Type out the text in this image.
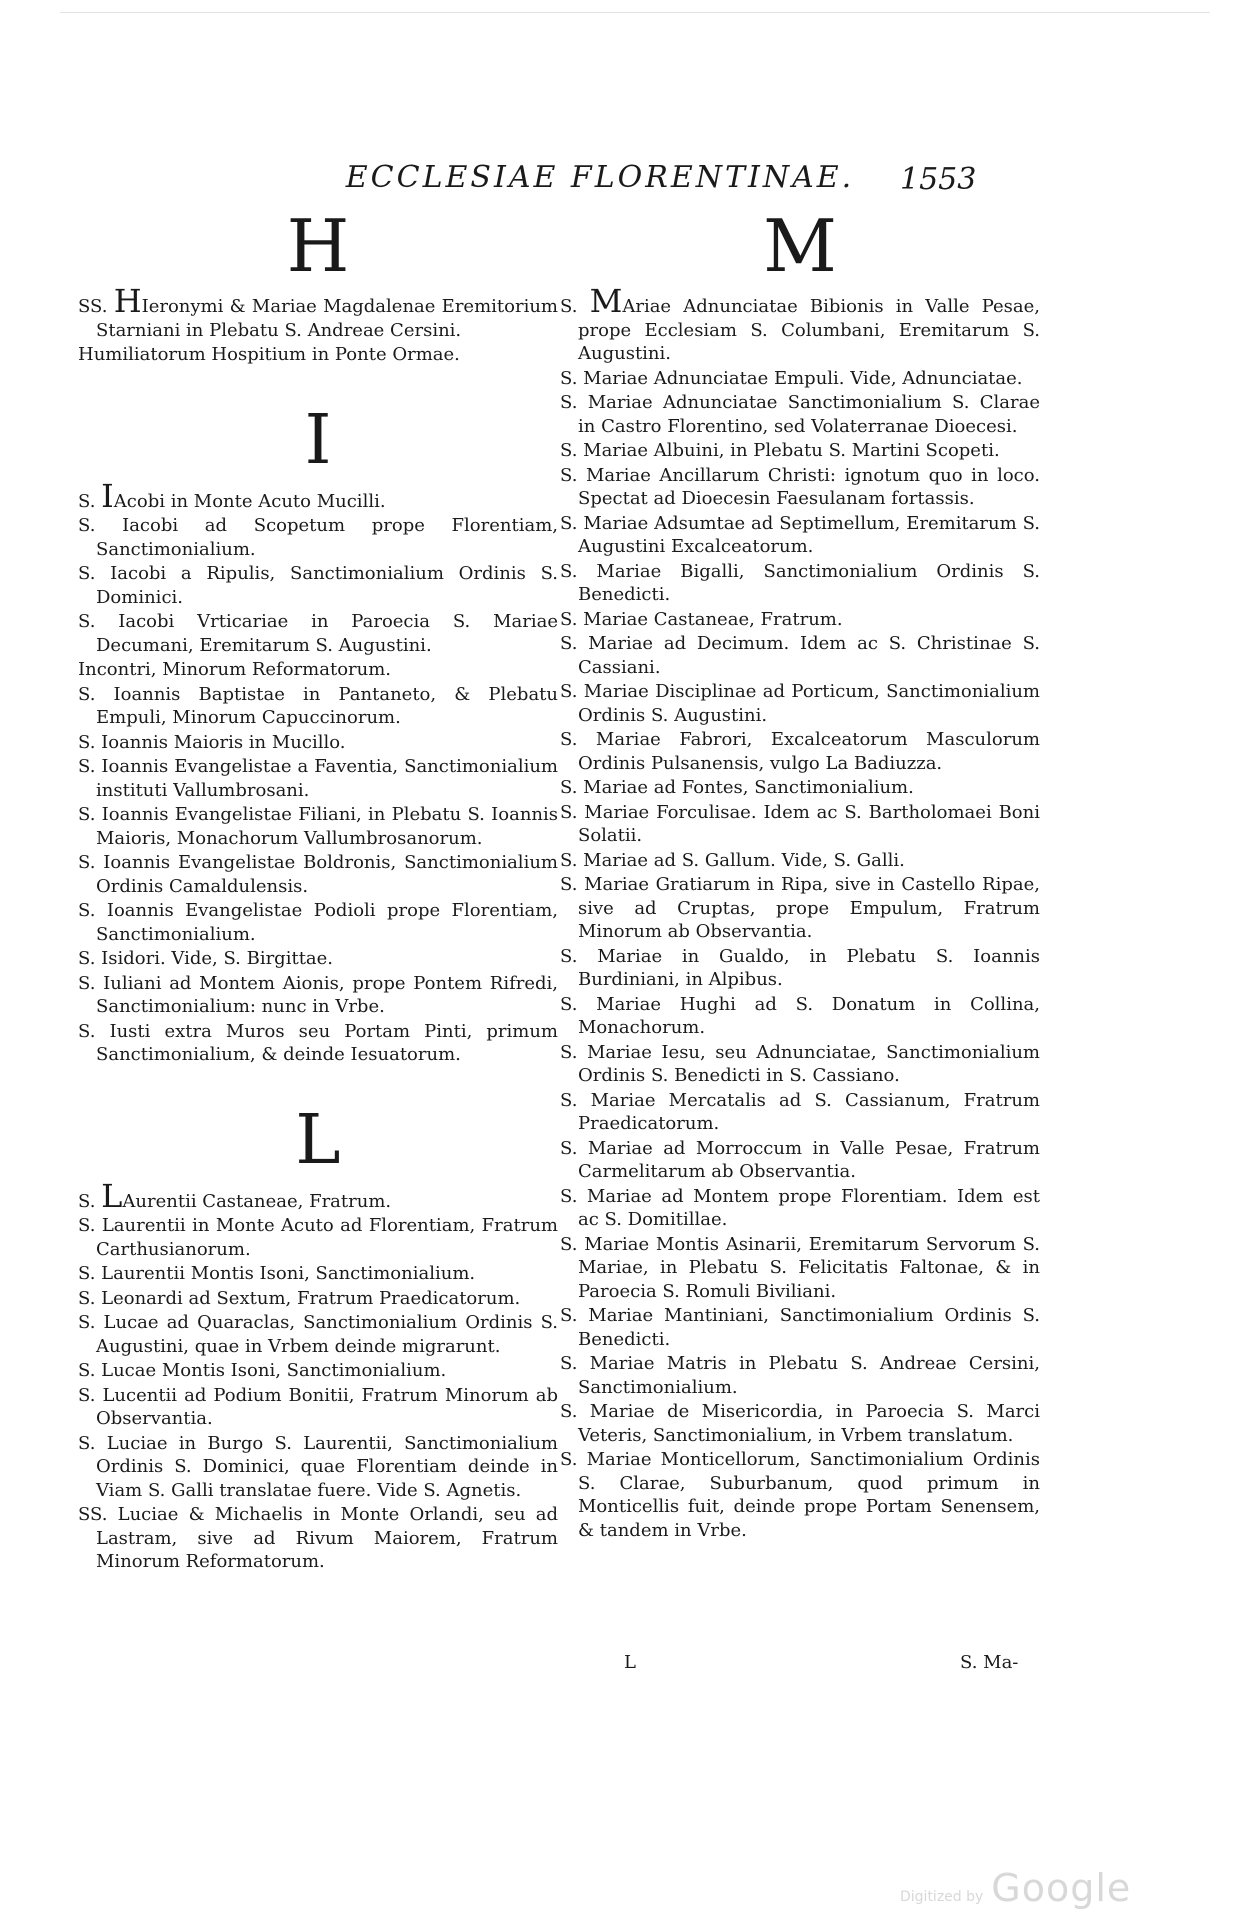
ECCLESIAE FLORENTINAE.	1553
H
SS. HIeronymi & Mariae Magdalenae Eremitorium Starniani in Plebatu S. Andreae Cersini.
Humiliatorum Hospitium in Ponte Ormae.
I
S. IAcobi in Monte Acuto Mucilli.
S. Iacobi ad Scopetum prope Florentiam, Sanctimonialium.
S. Iacobi a Ripulis, Sanctimonialium Ordinis S. Dominici.
S. Iacobi Vrticariae in Paroecia S. Mariae Decumani, Eremitarum S. Augustini.
Incontri, Minorum Reformatorum.
S. Ioannis Baptistae in Pantaneto, & Plebatu Empuli, Minorum Capuccinorum.
S. Ioannis Maioris in Mucillo.
S. Ioannis Evangelistae a Faventia, Sanctimonialium instituti Vallumbrosani.
S. Ioannis Evangelistae Filiani, in Plebatu S. Ioannis Maioris, Monachorum Vallumbrosanorum.
S. Ioannis Evangelistae Boldronis, Sanctimonialium Ordinis Camaldulensis.
S. Ioannis Evangelistae Podioli prope Florentiam, Sanctimonialium.
S. Isidori. Vide, S. Birgittae.
S. Iuliani ad Montem Aionis, prope Pontem Rifredi, Sanctimonialium: nunc in Vrbe.
S. Iusti extra Muros seu Portam Pinti, primum Sanctimonialium, & deinde Iesuatorum.
L
S. LAurentii Castaneae, Fratrum.
S. Laurentii in Monte Acuto ad Florentiam, Fratrum Carthusianorum.
S. Laurentii Montis Isoni, Sanctimonialium.
S. Leonardi ad Sextum, Fratrum Praedicatorum.
S. Lucae ad Quaraclas, Sanctimonialium Ordinis S. Augustini, quae in Vrbem deinde migrarunt.
S. Lucae Montis Isoni, Sanctimonialium.
S. Lucentii ad Podium Bonitii, Fratrum Minorum ab Observantia.
S. Luciae in Burgo S. Laurentii, Sanctimonialium Ordinis S. Dominici, quae Florentiam deinde in Viam S. Galli translatae fuere. Vide S. Agnetis.
SS. Luciae & Michaelis in Monte Orlandi, seu ad Lastram, sive ad Rivum Maiorem, Fratrum Minorum Reformatorum.
M
S. MAriae Adnunciatae Bibionis in Valle Pesae, prope Ecclesiam S. Columbani, Eremitarum S. Augustini.
S. Mariae Adnunciatae Empuli. Vide, Adnunciatae.
S. Mariae Adnunciatae Sanctimonialium S. Clarae in Castro Florentino, sed Volaterranae Dioecesi.
S. Mariae Albuini, in Plebatu S. Martini Scopeti.
S. Mariae Ancillarum Christi: ignotum quo in loco. Spectat ad Dioecesin Faesulanam fortassis.
S. Mariae Adsumtae ad Septimellum, Eremitarum S. Augustini Excalceatorum.
S. Mariae Bigalli, Sanctimonialium Ordinis S. Benedicti.
S. Mariae Castaneae, Fratrum.
S. Mariae ad Decimum. Idem ac S. Christinae S. Cassiani.
S. Mariae Disciplinae ad Porticum, Sanctimonialium Ordinis S. Augustini.
S. Mariae Fabrori, Excalceatorum Masculorum Ordinis Pulsanensis, vulgo La Badiuzza.
S. Mariae ad Fontes, Sanctimonialium.
S. Mariae Forculisae. Idem ac S. Bartholomaei Boni Solatii.
S. Mariae ad S. Gallum. Vide, S. Galli.
S. Mariae Gratiarum in Ripa, sive in Castello Ripae, sive ad Cruptas, prope Empulum, Fratrum Minorum ab Observantia.
S. Mariae in Gualdo, in Plebatu S. Ioannis Burdiniani, in Alpibus.
S. Mariae Hughi ad S. Donatum in Collina, Monachorum.
S. Mariae Iesu, seu Adnunciatae, Sanctimonialium Ordinis S. Benedicti in S. Cassiano.
S. Mariae Mercatalis ad S. Cassianum, Fratrum Praedicatorum.
S. Mariae ad Morroccum in Valle Pesae, Fratrum Carmelitarum ab Observantia.
S. Mariae ad Montem prope Florentiam. Idem est ac S. Domitillae.
S. Mariae Montis Asinarii, Eremitarum Servorum S. Mariae, in Plebatu S. Felicitatis Faltonae, & in Paroecia S. Romuli Biviliani.
S. Mariae Mantiniani, Sanctimonialium Ordinis S. Benedicti.
S. Mariae Matris in Plebatu S. Andreae Cersini, Sanctimonialium.
S. Mariae de Misericordia, in Paroecia S. Marci Veteris, Sanctimonialium, in Vrbem translatum.
S. Mariae Monticellorum, Sanctimonialium Ordinis S. Clarae, Suburbanum, quod primum in Monticellis fuit, deinde prope Portam Senensem, & tandem in Vrbe.
L	S. Ma-
Digitized by Google
